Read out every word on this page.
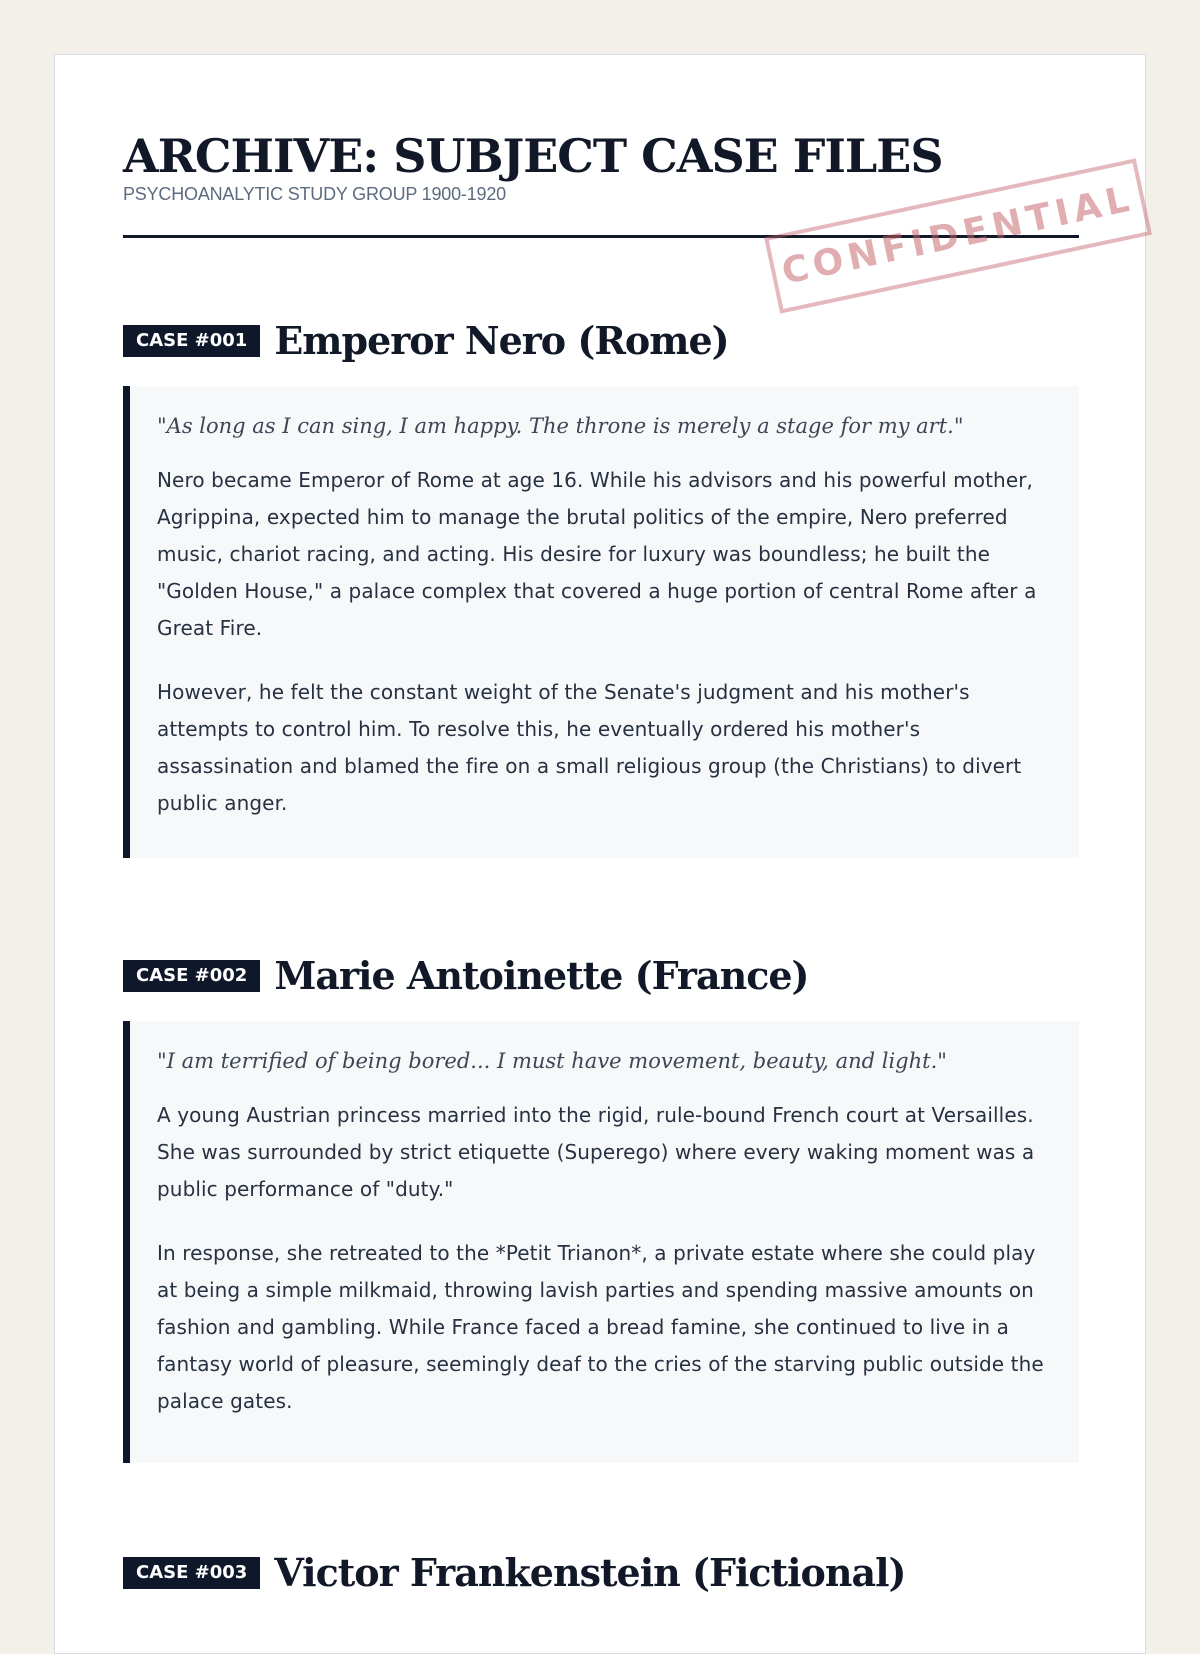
ARCHIVE: SUBJECT CASE FILES
PSYCHOANALYTIC STUDY GROUP 1900-1920	CONFIDENTIAL
CASE #001 Emperor Nero (Rome)

"As long as I can sing, I am happy. The throne is merely a stage for my art."

Nero became Emperor of Rome at age 16. While his advisors and his powerful mother, Agrippina, expected him to manage the brutal politics of the empire, Nero preferred music, chariot racing, and acting. His desire for luxury was boundless; he built the "Golden House," a palace complex that covered a huge portion of central Rome after a Great Fire.

However, he felt the constant weight of the Senate's judgment and his mother's attempts to control him. To resolve this, he eventually ordered his mother's assassination and blamed the fire on a small religious group (the Christians) to divert public anger.

CASE #002 Marie Antoinette (France)

"I am terrified of being bored... I must have movement, beauty, and light."

A young Austrian princess married into the rigid, rule-bound French court at Versailles. She was surrounded by strict etiquette (Superego) where every waking moment was a public performance of "duty."

In response, she retreated to the *Petit Trianon*, a private estate where she could play at being a simple milkmaid, throwing lavish parties and spending massive amounts on fashion and gambling. While France faced a bread famine, she continued to live in a fantasy world of pleasure, seemingly deaf to the cries of the starving public outside the palace gates.

CASE #003 Victor Frankenstein (Fictional)
